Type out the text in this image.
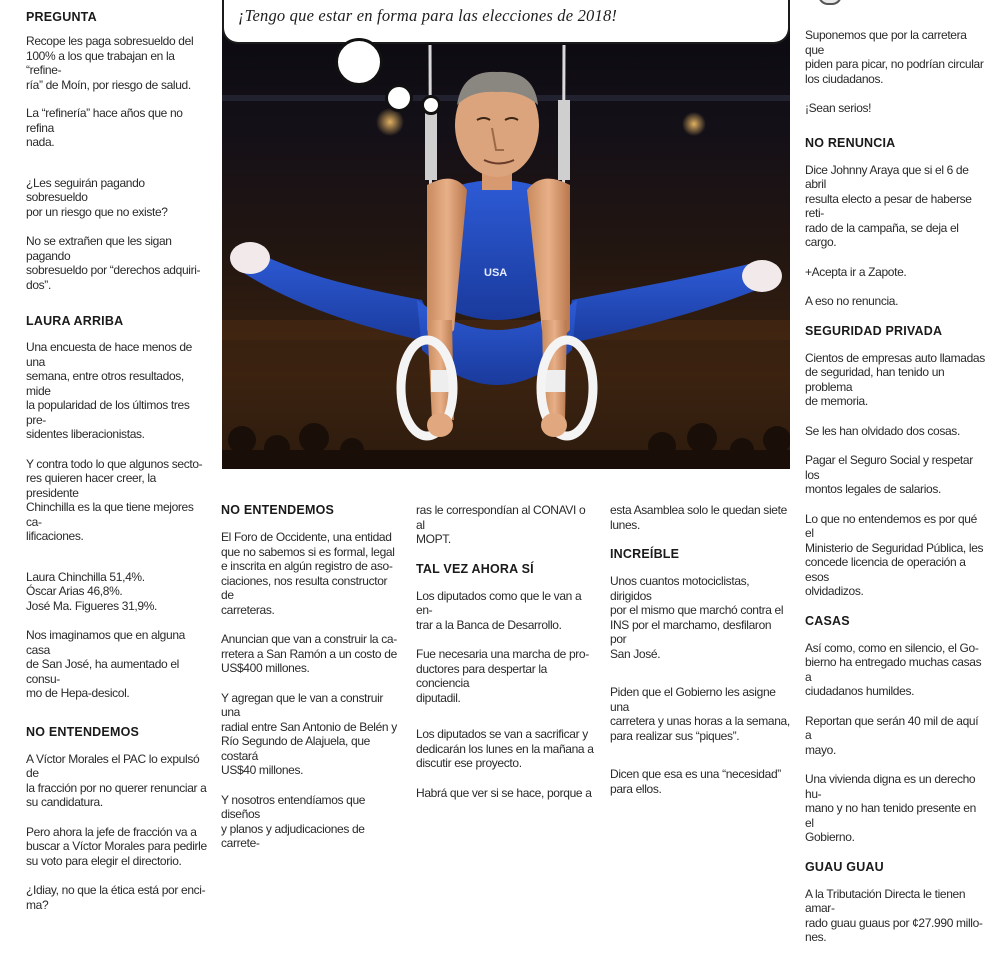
PREGUNTA
Recope les paga sobresueldo del
100% a los que trabajan en la “refine-
ría” de Moín, por riesgo de salud.
La “refinería” hace años que no refina
nada.
¿Les seguirán pagando sobresueldo
por un riesgo que no existe?
No se extrañen que les sigan pagando
sobresueldo por “derechos adquiri-
dos”.
LAURA ARRIBA
Una encuesta de hace menos de una
semana, entre otros resultados, mide
la popularidad de los últimos tres pre-
sidentes liberacionistas.
Y contra todo lo que algunos secto-
res quieren hacer creer, la presidente
Chinchilla es la que tiene mejores ca-
lificaciones.
Laura Chinchilla 51,4%.
Óscar Arias 46,8%.
José Ma. Figueres 31,9%.
Nos imaginamos que en alguna casa
de San José, ha aumentado el consu-
mo de Hepa-desicol.
NO ENTENDEMOS
A Víctor Morales el PAC lo expulsó de
la fracción por no querer renunciar a
su candidatura.
Pero ahora la jefe de fracción va a
buscar a Víctor Morales para pedirle
su voto para elegir el directorio.
¿Idiay, no que la ética está por enci-
ma?
USA
¡Tengo que estar en forma para las elecciones de 2018!
NO ENTENDEMOS
El Foro de Occidente, una entidad
que no sabemos si es formal, legal
e inscrita en algún registro de aso-
ciaciones, nos resulta constructor de
carreteras.
Anuncian que van a construir la ca-
rretera a San Ramón a un costo de
US$400 millones.
Y agregan que le van a construir una
radial entre San Antonio de Belén y
Río Segundo de Alajuela, que costará
US$40 millones.
Y nosotros entendíamos que diseños
y planos y adjudicaciones de carrete-
ras le correspondían al CONAVI o al
MOPT.
TAL VEZ AHORA SÍ
Los diputados como que le van a en-
trar a la Banca de Desarrollo.
Fue necesaria una marcha de pro-
ductores para despertar la conciencia
diputadil.
Los diputados se van a sacrificar y
dedicarán los lunes en la mañana a
discutir ese proyecto.
Habrá que ver si se hace, porque a
esta Asamblea solo le quedan siete
lunes.
INCREÍBLE
Unos cuantos motociclistas, dirigidos
por el mismo que marchó contra el
INS por el marchamo, desfilaron por
San José.
Piden que el Gobierno les asigne una
carretera y unas horas a la semana,
para realizar sus “piques”.
Dicen que esa es una “necesidad”
para ellos.
Suponemos que por la carretera que
piden para picar, no podrían circular
los ciudadanos.
¡Sean serios!
NO RENUNCIA
Dice Johnny Araya que si el 6 de abril
resulta electo a pesar de haberse reti-
rado de la campaña, se deja el cargo.
+Acepta ir a Zapote.
A eso no renuncia.
SEGURIDAD PRIVADA
Cientos de empresas auto llamadas
de seguridad, han tenido un problema
de memoria.
Se les han olvidado dos cosas.
Pagar el Seguro Social y respetar los
montos legales de salarios.
Lo que no entendemos es por qué el
Ministerio de Seguridad Pública, les
concede licencia de operación a esos
olvidadizos.
CASAS
Así como, como en silencio, el Go-
bierno ha entregado muchas casas a
ciudadanos humildes.
Reportan que serán 40 mil de aquí a
mayo.
Una vivienda digna es un derecho hu-
mano y no han tenido presente en el
Gobierno.
GUAU GUAU
A la Tributación Directa le tienen amar-
rado guau guaus por ¢27.990 millo-
nes.
